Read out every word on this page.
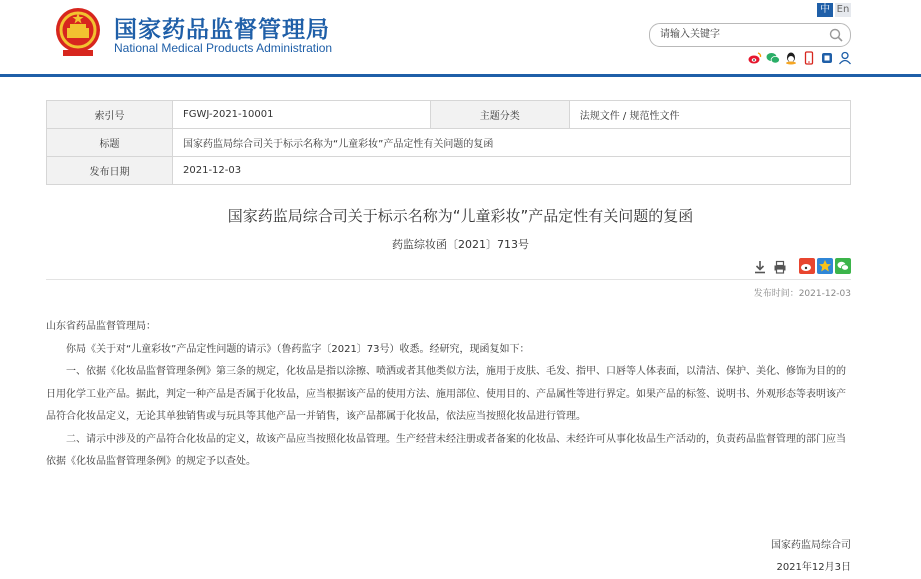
国家药品监督管理局
National Medical Products Administration
中 En
请输入关键字
索引号	FGWJ-2021-10001	主题分类	法规文件 / 规范性文件
标题	国家药监局综合司关于标示名称为“儿童彩妆”产品定性有关问题的复函		
发布日期	2021-12-03		
国家药监局综合司关于标示名称为“儿童彩妆”产品定性有关问题的复函
药监综妆函〔2021〕713号
发布时间：2021-12-03

山东省药品监督管理局：

你局《关于对“儿童彩妆”产品定性问题的请示》（鲁药监字〔2021〕73号）收悉。经研究，现函复如下：

一、依据《化妆品监督管理条例》第三条的规定，化妆品是指以涂擦、喷洒或者其他类似方法，施用于皮肤、毛发、指甲、口唇等人体表面，以清洁、保护、美化、修饰为目的的日用化学工业产品。据此，判定一种产品是否属于化妆品，应当根据该产品的使用方法、施用部位、使用目的、产品属性等进行界定。如果产品的标签、说明书、外观形态等表明该产品符合化妆品定义，无论其单独销售或与玩具等其他产品一并销售，该产品都属于化妆品，依法应当按照化妆品进行管理。

二、请示中涉及的产品符合化妆品的定义，故该产品应当按照化妆品管理。生产经营未经注册或者备案的化妆品、未经许可从事化妆品生产活动的，负责药品监督管理的部门应当依据《化妆品监督管理条例》的规定予以查处。

国家药监局综合司
2021年12月3日
